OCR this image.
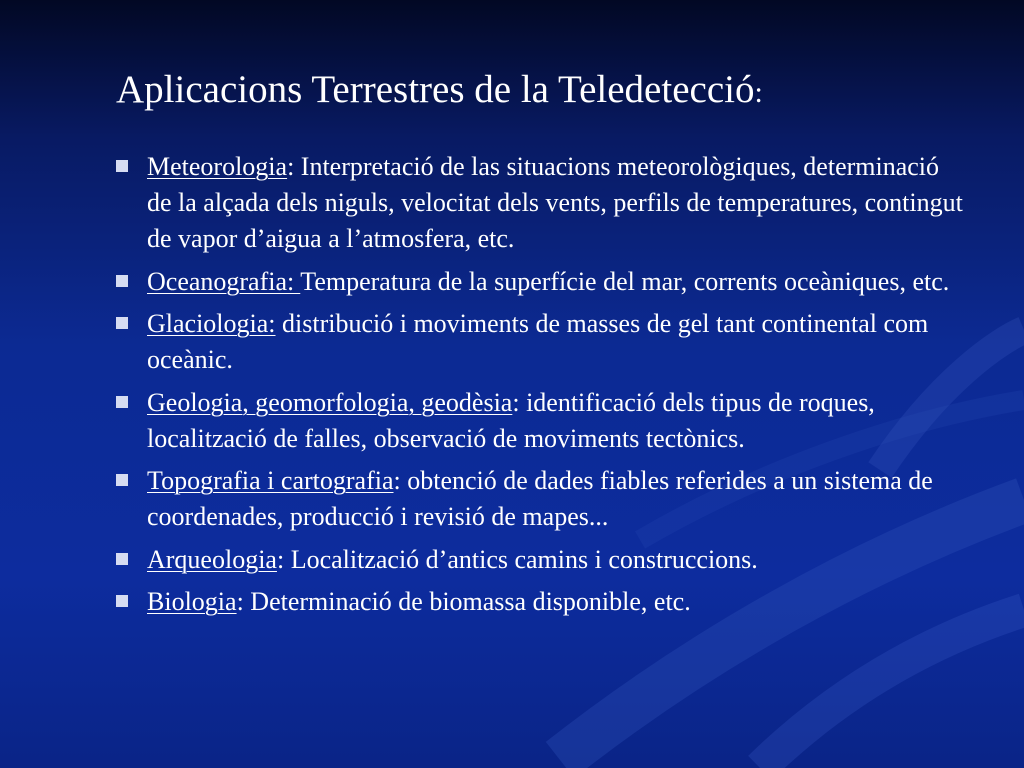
Aplicacions Terrestres de la Teledetecció:
Meteorologia: Interpretació de las situacions meteorològiques, determinació de la alçada dels niguls, velocitat dels vents, perfils de temperatures, contingut de vapor d’aigua a l’atmosfera, etc.
Oceanografia: Temperatura de la superfície del mar, corrents oceàniques, etc.
Glaciologia: distribució i moviments de masses de gel tant continental com oceànic.
Geologia, geomorfologia, geodèsia: identificació dels tipus de roques, localització de falles, observació de moviments tectònics.
Topografia i cartografia: obtenció de dades fiables referides a un sistema de coordenades, producció i revisió de mapes...
Arqueologia: Localització d’antics camins i construccions.
Biologia: Determinació de biomassa disponible, etc.
